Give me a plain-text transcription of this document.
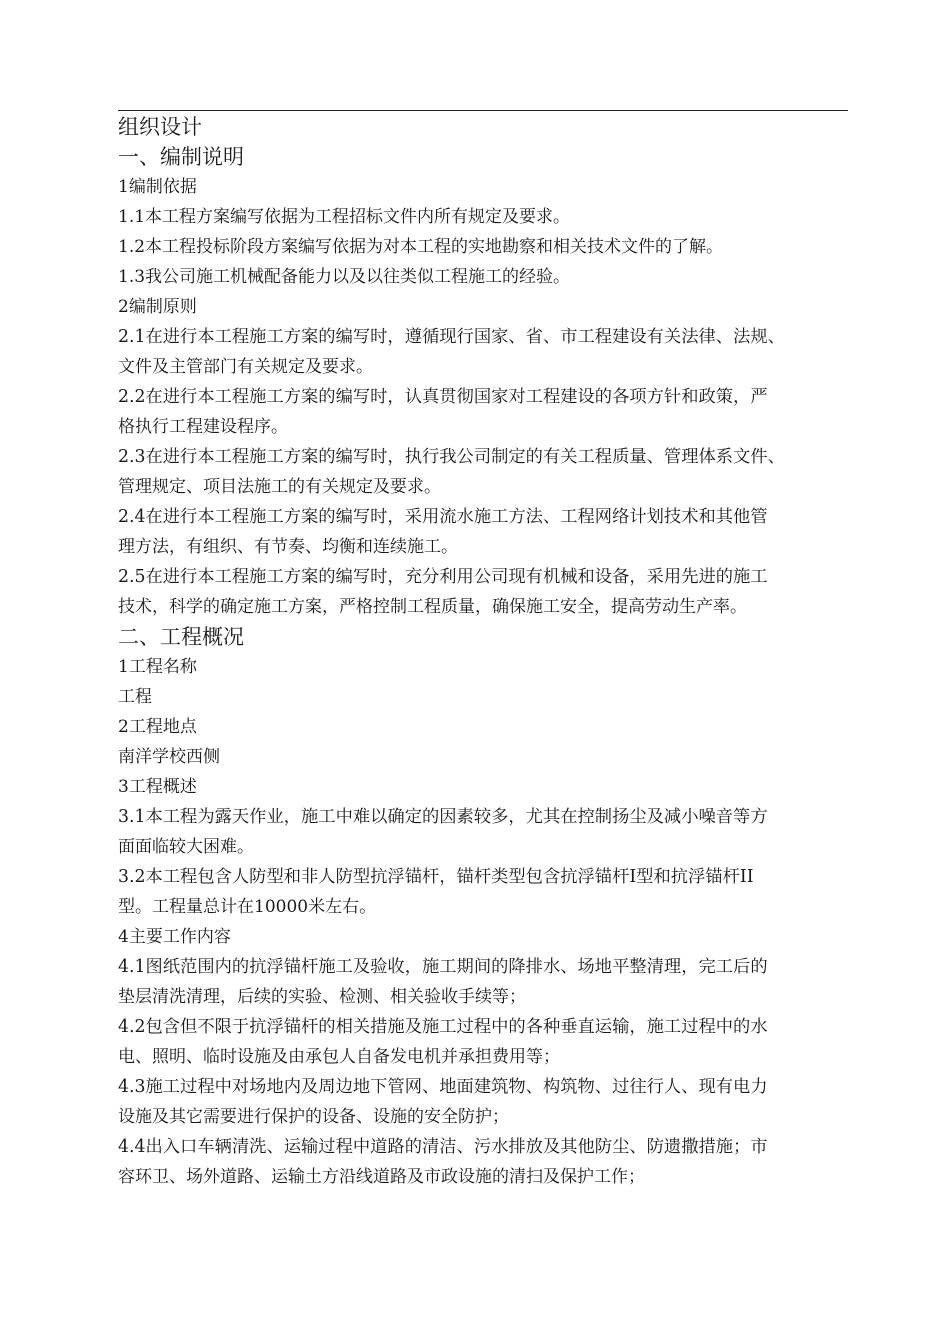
组织设计

一、编制说明

1编制依据

1.1本工程方案编写依据为工程招标文件内所有规定及要求。

1.2本工程投标阶段方案编写依据为对本工程的实地勘察和相关技术文件的了解。

1.3我公司施工机械配备能力以及以往类似工程施工的经验。

2编制原则

2.1在进行本工程施工方案的编写时，遵循现行国家、省、市工程建设有关法律、法规、

文件及主管部门有关规定及要求。

2.2在进行本工程施工方案的编写时，认真贯彻国家对工程建设的各项方针和政策，严

格执行工程建设程序。

2.3在进行本工程施工方案的编写时，执行我公司制定的有关工程质量、管理体系文件、

管理规定、项目法施工的有关规定及要求。

2.4在进行本工程施工方案的编写时，采用流水施工方法、工程网络计划技术和其他管

理方法，有组织、有节奏、均衡和连续施工。

2.5在进行本工程施工方案的编写时，充分利用公司现有机械和设备，采用先进的施工

技术，科学的确定施工方案，严格控制工程质量，确保施工安全，提高劳动生产率。

二、工程概况

1工程名称

工程

2工程地点

南洋学校西侧

3工程概述

3.1本工程为露天作业，施工中难以确定的因素较多，尤其在控制扬尘及减小噪音等方

面面临较大困难。

3.2本工程包含人防型和非人防型抗浮锚杆，锚杆类型包含抗浮锚杆I型和抗浮锚杆II

型。工程量总计在10000米左右。

4主要工作内容

4.1图纸范围内的抗浮锚杆施工及验收，施工期间的降排水、场地平整清理，完工后的

垫层清洗清理，后续的实验、检测、相关验收手续等；

4.2包含但不限于抗浮锚杆的相关措施及施工过程中的各种垂直运输，施工过程中的水

电、照明、临时设施及由承包人自备发电机并承担费用等；

4.3施工过程中对场地内及周边地下管网、地面建筑物、构筑物、过往行人、现有电力

设施及其它需要进行保护的设备、设施的安全防护；

4.4出入口车辆清洗、运输过程中道路的清洁、污水排放及其他防尘、防遗撒措施；市

容环卫、场外道路、运输土方沿线道路及市政设施的清扫及保护工作；
